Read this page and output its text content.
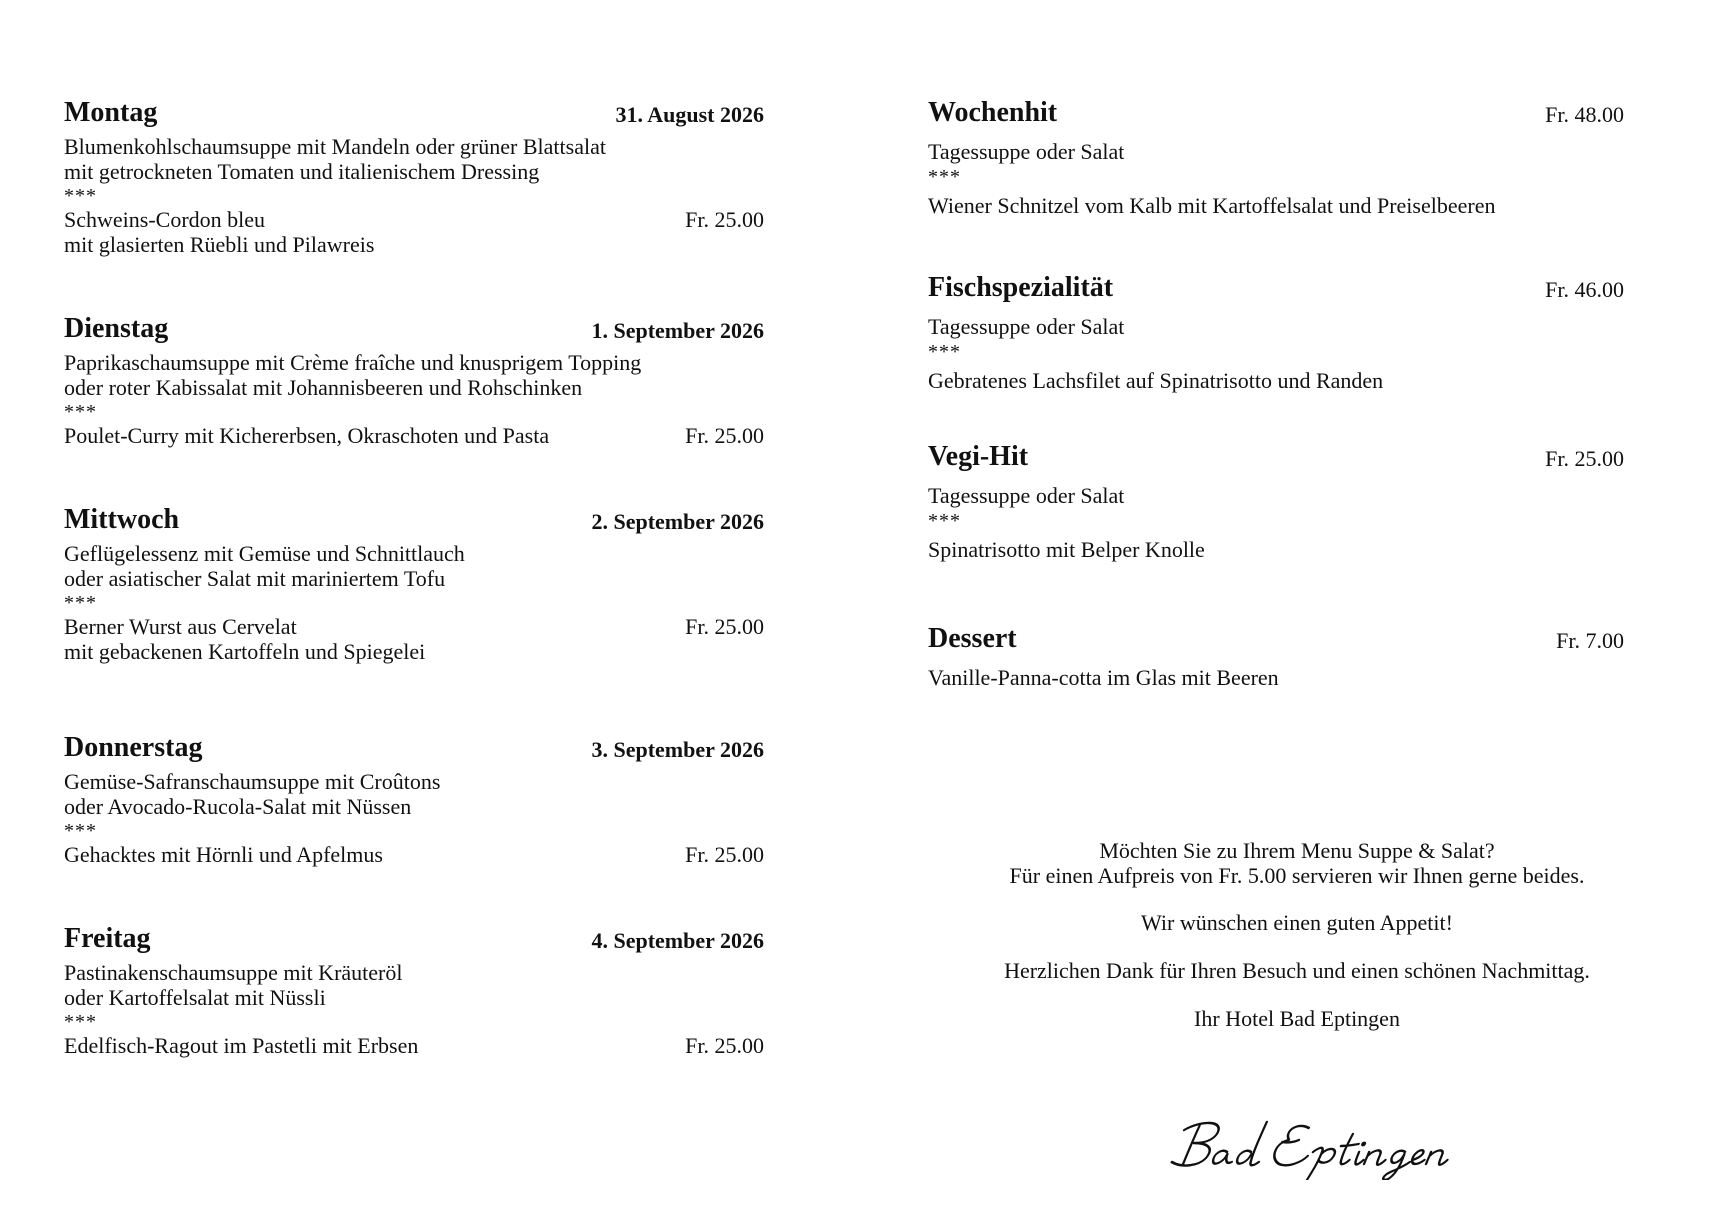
Montag	31. August 2026
Blumenkohlschaumsuppe mit Mandeln oder grüner Blattsalat
mit getrockneten Tomaten und italienischem Dressing
***
Schweins-Cordon bleu	Fr. 25.00
mit glasierten Rüebli und Pilawreis
Dienstag	1. September 2026
Paprikaschaumsuppe mit Crème fraîche und knusprigem Topping
oder roter Kabissalat mit Johannisbeeren und Rohschinken
***
Poulet-Curry mit Kichererbsen, Okraschoten und Pasta	Fr. 25.00
Mittwoch	2. September 2026
Geflügelessenz mit Gemüse und Schnittlauch
oder asiatischer Salat mit mariniertem Tofu
***
Berner Wurst aus Cervelat	Fr. 25.00
mit gebackenen Kartoffeln und Spiegelei
Donnerstag	3. September 2026
Gemüse-Safranschaumsuppe mit Croûtons
oder Avocado-Rucola-Salat mit Nüssen
***
Gehacktes mit Hörnli und Apfelmus	Fr. 25.00
Freitag	4. September 2026
Pastinakenschaumsuppe mit Kräuteröl
oder Kartoffelsalat mit Nüssli
***
Edelfisch-Ragout im Pastetli mit Erbsen	Fr. 25.00
Wochenhit	Fr. 48.00
Tagessuppe oder Salat
***
Wiener Schnitzel vom Kalb mit Kartoffelsalat und Preiselbeeren
Fischspezialität	Fr. 46.00
Tagessuppe oder Salat
***
Gebratenes Lachsfilet auf Spinatrisotto und Randen
Vegi-Hit	Fr. 25.00
Tagessuppe oder Salat
***
Spinatrisotto mit Belper Knolle
Dessert	Fr. 7.00
Vanille-Panna-cotta im Glas mit Beeren

Möchten Sie zu Ihrem Menu Suppe & Salat?

Für einen Aufpreis von Fr. 5.00 servieren wir Ihnen gerne beides.

Wir wünschen einen guten Appetit!

Herzlichen Dank für Ihren Besuch und einen schönen Nachmittag.

Ihr Hotel Bad Eptingen
